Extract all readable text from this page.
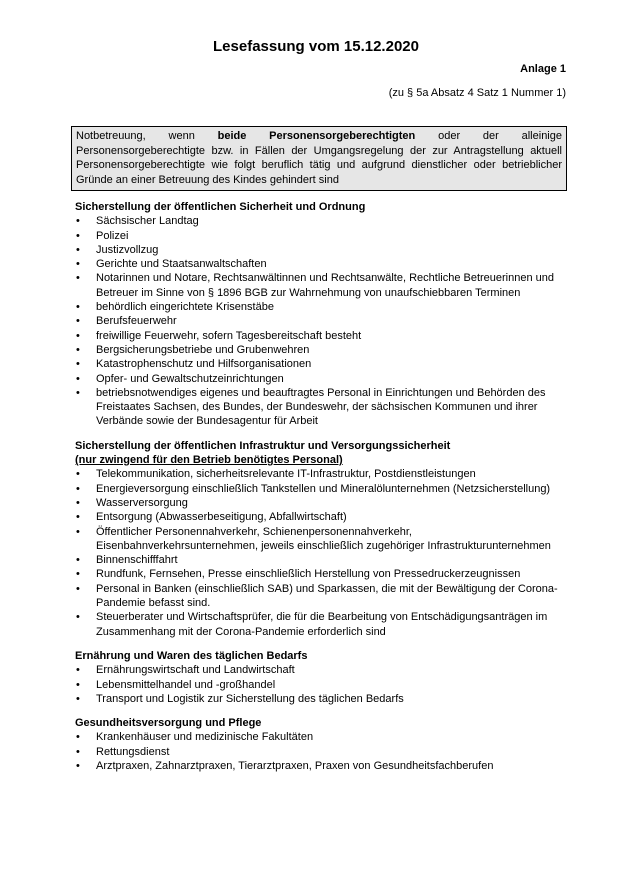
Lesefassung vom 15.12.2020
Anlage 1
(zu § 5a Absatz 4 Satz 1 Nummer 1)
Notbetreuung, wenn beide Personensorgeberechtigten oder der alleinige Personensorgeberechtigte bzw. in Fällen der Umgangsregelung der zur Antragstellung aktuell Personensorgeberechtigte wie folgt beruflich tätig und aufgrund dienstlicher oder betrieblicher Gründe an einer Betreuung des Kindes gehindert sind
Sicherstellung der öffentlichen Sicherheit und Ordnung
• Sächsischer Landtag
• Polizei
• Justizvollzug
• Gerichte und Staatsanwaltschaften
• Notarinnen und Notare, Rechtsanwältinnen und Rechtsanwälte, Rechtliche Betreuerinnen und Betreuer im Sinne von § 1896 BGB zur Wahrnehmung von unaufschiebbaren Terminen
• behördlich eingerichtete Krisenstäbe
• Berufsfeuerwehr
• freiwillige Feuerwehr, sofern Tagesbereitschaft besteht
• Bergsicherungsbetriebe und Grubenwehren
• Katastrophenschutz und Hilfsorganisationen
• Opfer- und Gewaltschutzeinrichtungen
• betriebsnotwendiges eigenes und beauftragtes Personal in Einrichtungen und Behörden des Freistaates Sachsen, des Bundes, der Bundeswehr, der sächsischen Kommunen und ihrer Verbände sowie der Bundesagentur für Arbeit
Sicherstellung der öffentlichen Infrastruktur und Versorgungssicherheit
(nur zwingend für den Betrieb benötigtes Personal)
• Telekommunikation, sicherheitsrelevante IT-Infrastruktur, Postdienstleistungen
• Energieversorgung einschließlich Tankstellen und Mineralölunternehmen (Netzsicherstellung)
• Wasserversorgung
• Entsorgung (Abwasserbeseitigung, Abfallwirtschaft)
• Öffentlicher Personennahverkehr, Schienenpersonennahverkehr, Eisenbahnverkehrsunternehmen, jeweils einschließlich zugehöriger Infrastrukturunternehmen
• Binnenschifffahrt
• Rundfunk, Fernsehen, Presse einschließlich Herstellung von Pressedruckerzeugnissen
• Personal in Banken (einschließlich SAB) und Sparkassen, die mit der Bewältigung der Corona-Pandemie befasst sind.
• Steuerberater und Wirtschaftsprüfer, die für die Bearbeitung von Entschädigungsanträgen im Zusammenhang mit der Corona-Pandemie erforderlich sind
Ernährung und Waren des täglichen Bedarfs
• Ernährungswirtschaft und Landwirtschaft
• Lebensmittelhandel und -großhandel
• Transport und Logistik zur Sicherstellung des täglichen Bedarfs
Gesundheitsversorgung und Pflege
• Krankenhäuser und medizinische Fakultäten
• Rettungsdienst
• Arztpraxen, Zahnarztpraxen, Tierarztpraxen, Praxen von Gesundheitsfachberufen
